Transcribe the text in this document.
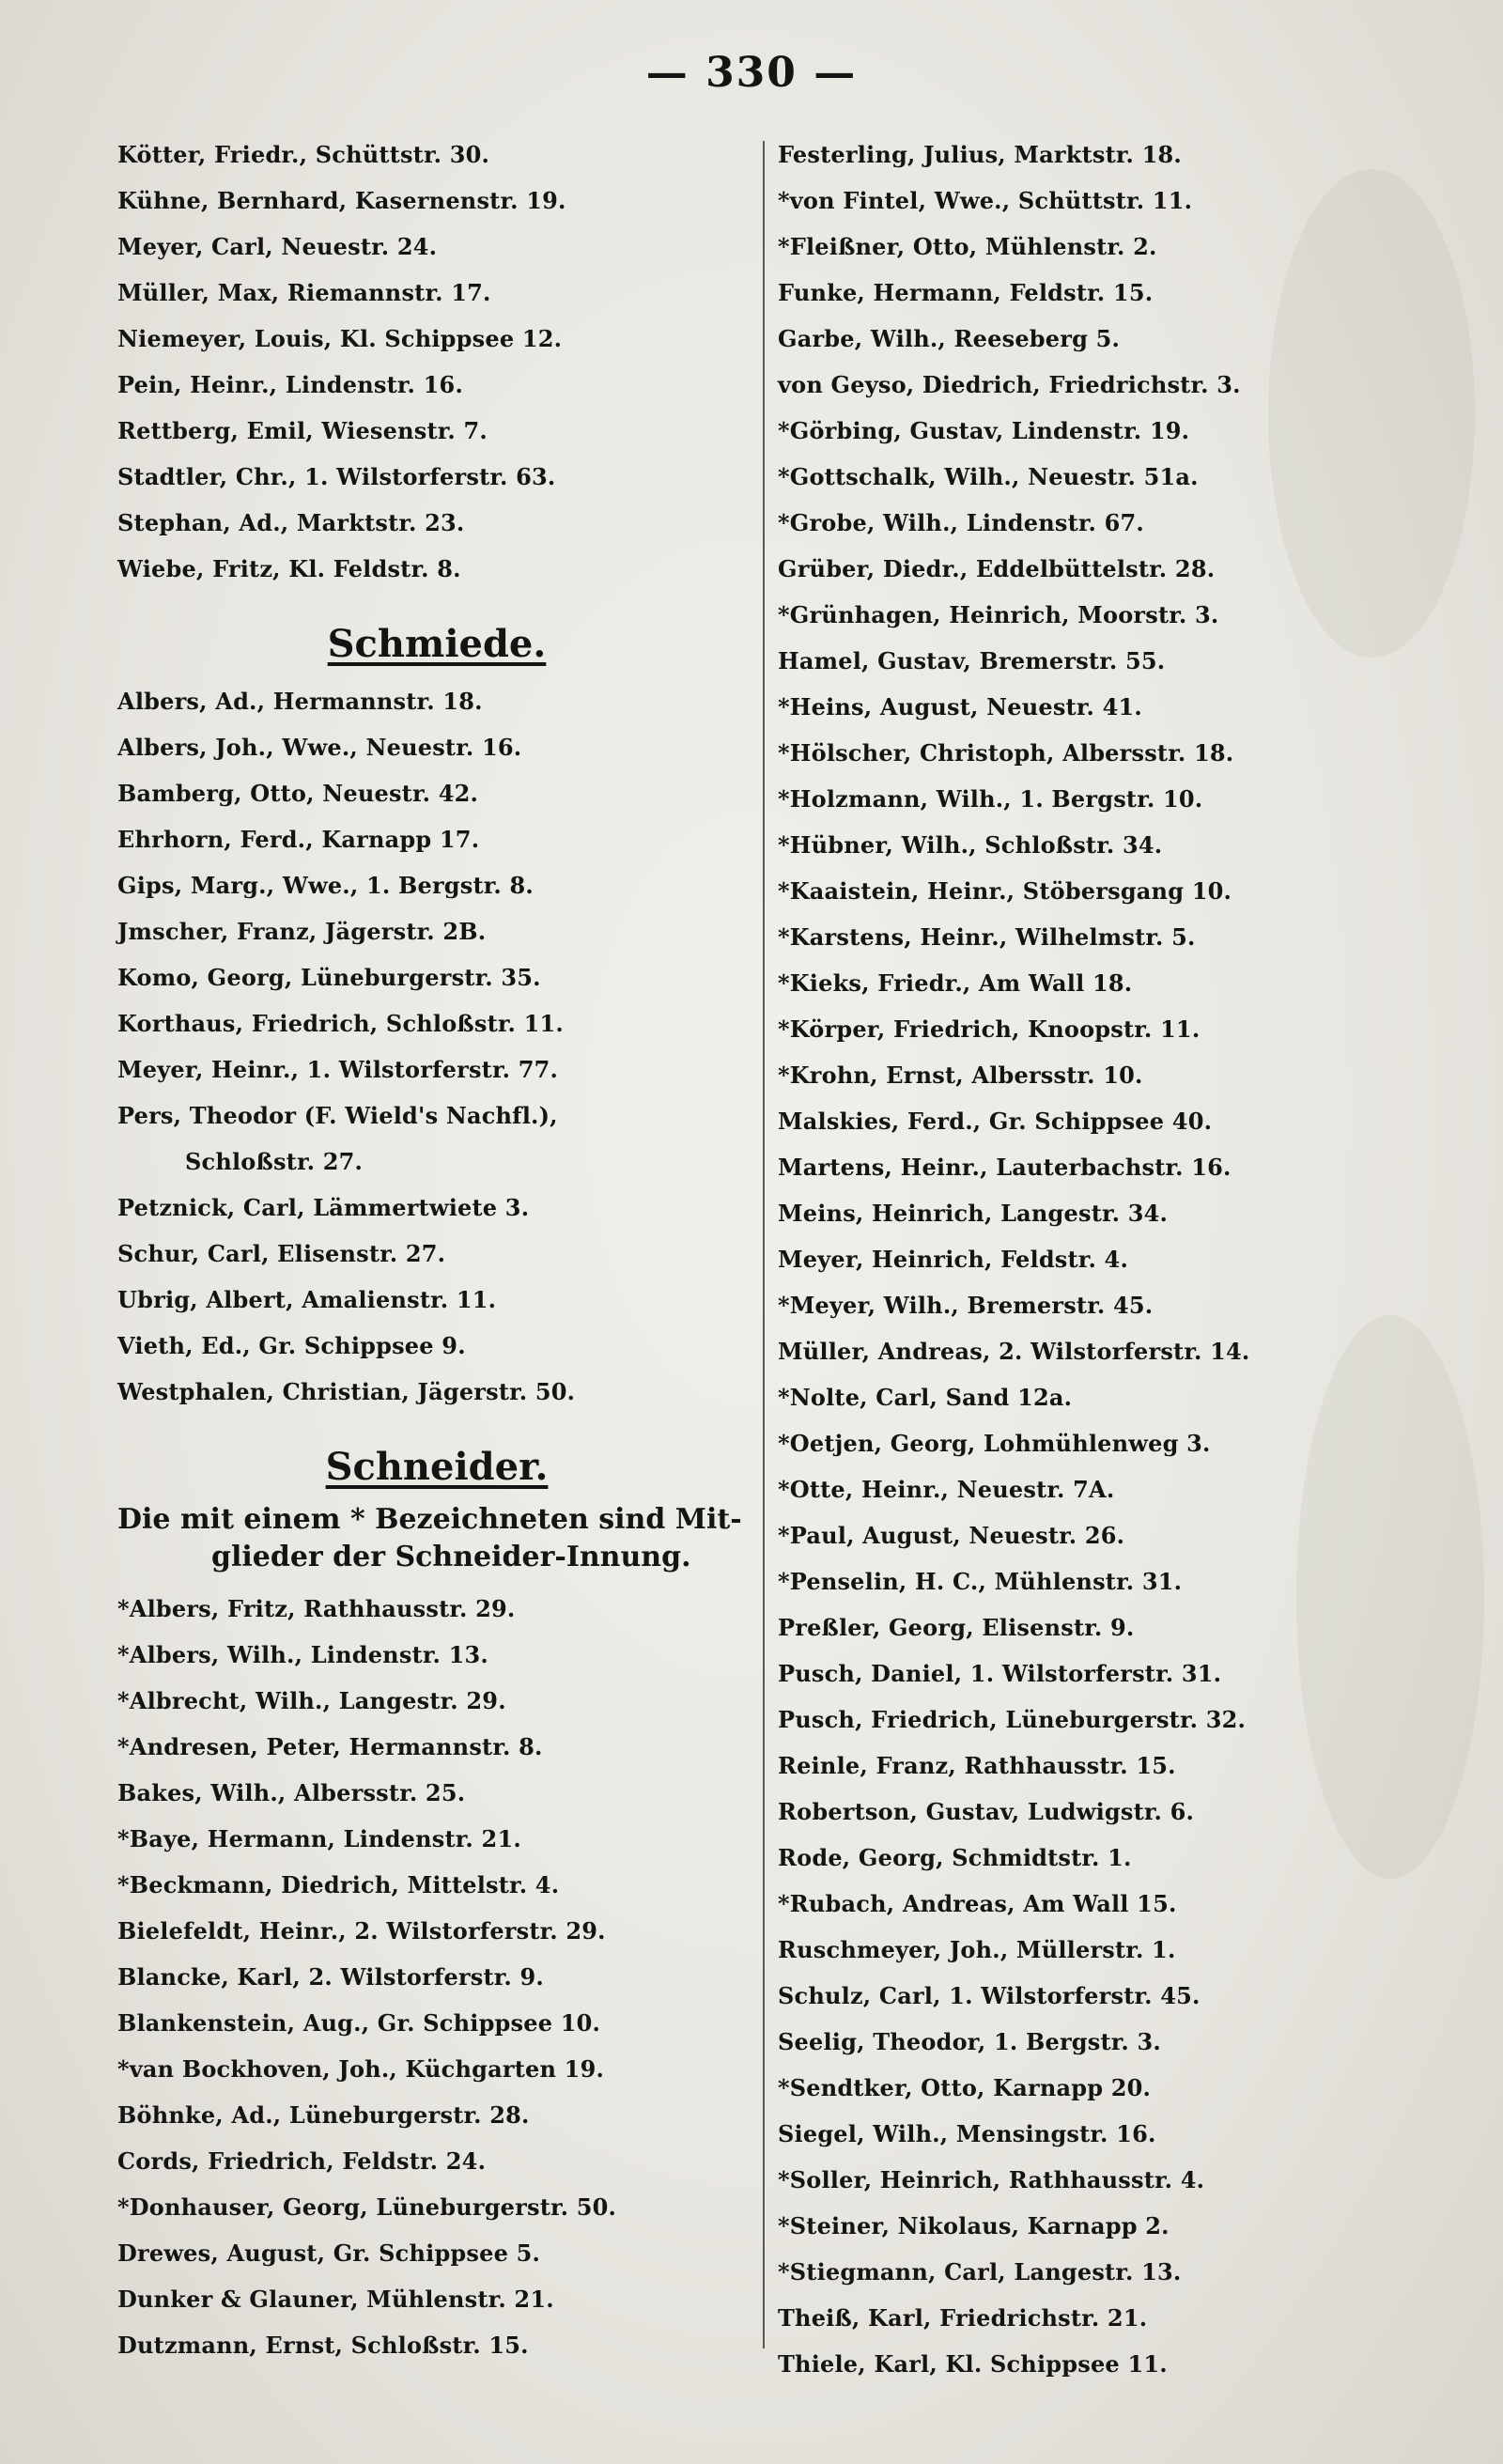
— 330 —
Kötter, Friedr., Schüttstr. 30.
Kühne, Bernhard, Kasernenstr. 19.
Meyer, Carl, Neuestr. 24.
Müller, Max, Riemannstr. 17.
Niemeyer, Louis, Kl. Schippsee 12.
Pein, Heinr., Lindenstr. 16.
Rettberg, Emil, Wiesenstr. 7.
Stadtler, Chr., 1. Wilstorferstr. 63.
Stephan, Ad., Marktstr. 23.
Wiebe, Fritz, Kl. Feldstr. 8.
Schmiede.
Albers, Ad., Hermannstr. 18.
Albers, Joh., Wwe., Neuestr. 16.
Bamberg, Otto, Neuestr. 42.
Ehrhorn, Ferd., Karnapp 17.
Gips, Marg., Wwe., 1. Bergstr. 8.
Jmscher, Franz, Jägerstr. 2B.
Komo, Georg, Lüneburgerstr. 35.
Korthaus, Friedrich, Schloßstr. 11.
Meyer, Heinr., 1. Wilstorferstr. 77.
Pers, Theodor (F. Wield's Nachfl.),
Schloßstr. 27.
Petznick, Carl, Lämmertwiete 3.
Schur, Carl, Elisenstr. 27.
Ubrig, Albert, Amalienstr. 11.
Vieth, Ed., Gr. Schippsee 9.
Westphalen, Christian, Jägerstr. 50.
Schneider.
Die mit einem * Bezeichneten sind Mit-
glieder der Schneider-Innung.
*Albers, Fritz, Rathhausstr. 29.
*Albers, Wilh., Lindenstr. 13.
*Albrecht, Wilh., Langestr. 29.
*Andresen, Peter, Hermannstr. 8.
Bakes, Wilh., Albersstr. 25.
*Baye, Hermann, Lindenstr. 21.
*Beckmann, Diedrich, Mittelstr. 4.
Bielefeldt, Heinr., 2. Wilstorferstr. 29.
Blancke, Karl, 2. Wilstorferstr. 9.
Blankenstein, Aug., Gr. Schippsee 10.
*van Bockhoven, Joh., Küchgarten 19.
Böhnke, Ad., Lüneburgerstr. 28.
Cords, Friedrich, Feldstr. 24.
*Donhauser, Georg, Lüneburgerstr. 50.
Drewes, August, Gr. Schippsee 5.
Dunker & Glauner, Mühlenstr. 21.
Dutzmann, Ernst, Schloßstr. 15.
Festerling, Julius, Marktstr. 18.
*von Fintel, Wwe., Schüttstr. 11.
*Fleißner, Otto, Mühlenstr. 2.
Funke, Hermann, Feldstr. 15.
Garbe, Wilh., Reeseberg 5.
von Geyso, Diedrich, Friedrichstr. 3.
*Görbing, Gustav, Lindenstr. 19.
*Gottschalk, Wilh., Neuestr. 51a.
*Grobe, Wilh., Lindenstr. 67.
Grüber, Diedr., Eddelbüttelstr. 28.
*Grünhagen, Heinrich, Moorstr. 3.
Hamel, Gustav, Bremerstr. 55.
*Heins, August, Neuestr. 41.
*Hölscher, Christoph, Albersstr. 18.
*Holzmann, Wilh., 1. Bergstr. 10.
*Hübner, Wilh., Schloßstr. 34.
*Kaaistein, Heinr., Stöbersgang 10.
*Karstens, Heinr., Wilhelmstr. 5.
*Kieks, Friedr., Am Wall 18.
*Körper, Friedrich, Knoopstr. 11.
*Krohn, Ernst, Albersstr. 10.
Malskies, Ferd., Gr. Schippsee 40.
Martens, Heinr., Lauterbachstr. 16.
Meins, Heinrich, Langestr. 34.
Meyer, Heinrich, Feldstr. 4.
*Meyer, Wilh., Bremerstr. 45.
Müller, Andreas, 2. Wilstorferstr. 14.
*Nolte, Carl, Sand 12a.
*Oetjen, Georg, Lohmühlenweg 3.
*Otte, Heinr., Neuestr. 7A.
*Paul, August, Neuestr. 26.
*Penselin, H. C., Mühlenstr. 31.
Preßler, Georg, Elisenstr. 9.
Pusch, Daniel, 1. Wilstorferstr. 31.
Pusch, Friedrich, Lüneburgerstr. 32.
Reinle, Franz, Rathhausstr. 15.
Robertson, Gustav, Ludwigstr. 6.
Rode, Georg, Schmidtstr. 1.
*Rubach, Andreas, Am Wall 15.
Ruschmeyer, Joh., Müllerstr. 1.
Schulz, Carl, 1. Wilstorferstr. 45.
Seelig, Theodor, 1. Bergstr. 3.
*Sendtker, Otto, Karnapp 20.
Siegel, Wilh., Mensingstr. 16.
*Soller, Heinrich, Rathhausstr. 4.
*Steiner, Nikolaus, Karnapp 2.
*Stiegmann, Carl, Langestr. 13.
Theiß, Karl, Friedrichstr. 21.
Thiele, Karl, Kl. Schippsee 11.
